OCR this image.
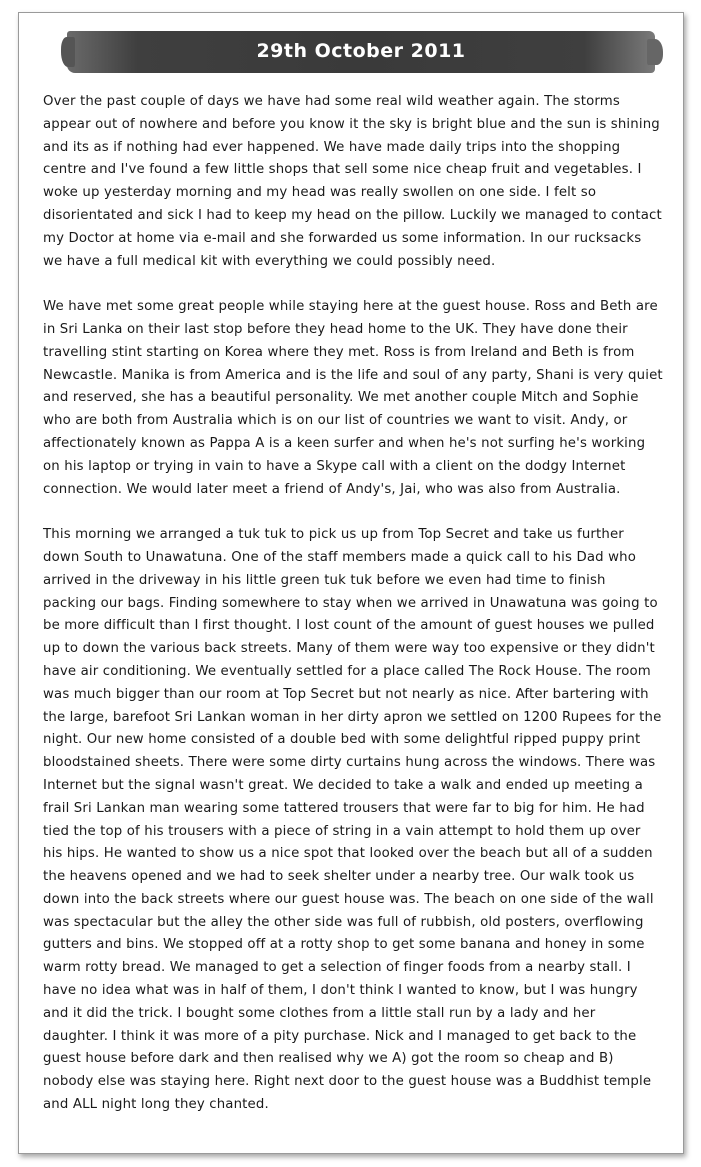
29th October 2011

Over the past couple of days we have had some real wild weather again. The storms appear out of nowhere and before you know it the sky is bright blue and the sun is shining and its as if nothing had ever happened. We have made daily trips into the shopping centre and I've found a few little shops that sell some nice cheap fruit and vegetables. I woke up yesterday morning and my head was really swollen on one side. I felt so disorientated and sick I had to keep my head on the pillow. Luckily we managed to contact my Doctor at home via e-mail and she forwarded us some information. In our rucksacks we have a full medical kit with everything we could possibly need.

We have met some great people while staying here at the guest house. Ross and Beth are in Sri Lanka on their last stop before they head home to the UK. They have done their travelling stint starting on Korea where they met. Ross is from Ireland and Beth is from Newcastle. Manika is from America and is the life and soul of any party, Shani is very quiet and reserved, she has a beautiful personality. We met another couple Mitch and Sophie who are both from Australia which is on our list of countries we want to visit. Andy, or affectionately known as Pappa A is a keen surfer and when he's not surfing he's working on his laptop or trying in vain to have a Skype call with a client on the dodgy Internet connection. We would later meet a friend of Andy's, Jai, who was also from Australia.

This morning we arranged a tuk tuk to pick us up from Top Secret and take us further down South to Unawatuna. One of the staff members made a quick call to his Dad who arrived in the driveway in his little green tuk tuk before we even had time to finish packing our bags. Finding somewhere to stay when we arrived in Unawatuna was going to be more difficult than I first thought. I lost count of the amount of guest houses we pulled up to down the various back streets. Many of them were way too expensive or they didn't have air conditioning. We eventually settled for a place called The Rock House. The room was much bigger than our room at Top Secret but not nearly as nice. After bartering with the large, barefoot Sri Lankan woman in her dirty apron we settled on 1200 Rupees for the night. Our new home consisted of a double bed with some delightful ripped puppy print bloodstained sheets. There were some dirty curtains hung across the windows. There was Internet but the signal wasn't great. We decided to take a walk and ended up meeting a frail Sri Lankan man wearing some tattered trousers that were far to big for him. He had tied the top of his trousers with a piece of string in a vain attempt to hold them up over his hips. He wanted to show us a nice spot that looked over the beach but all of a sudden the heavens opened and we had to seek shelter under a nearby tree. Our walk took us down into the back streets where our guest house was. The beach on one side of the wall was spectacular but the alley the other side was full of rubbish, old posters, overflowing gutters and bins. We stopped off at a rotty shop to get some banana and honey in some warm rotty bread. We managed to get a selection of finger foods from a nearby stall. I have no idea what was in half of them, I don't think I wanted to know, but I was hungry and it did the trick. I bought some clothes from a little stall run by a lady and her daughter. I think it was more of a pity purchase. Nick and I managed to get back to the guest house before dark and then realised why we A) got the room so cheap and B) nobody else was staying here. Right next door to the guest house was a Buddhist temple and ALL night long they chanted.
